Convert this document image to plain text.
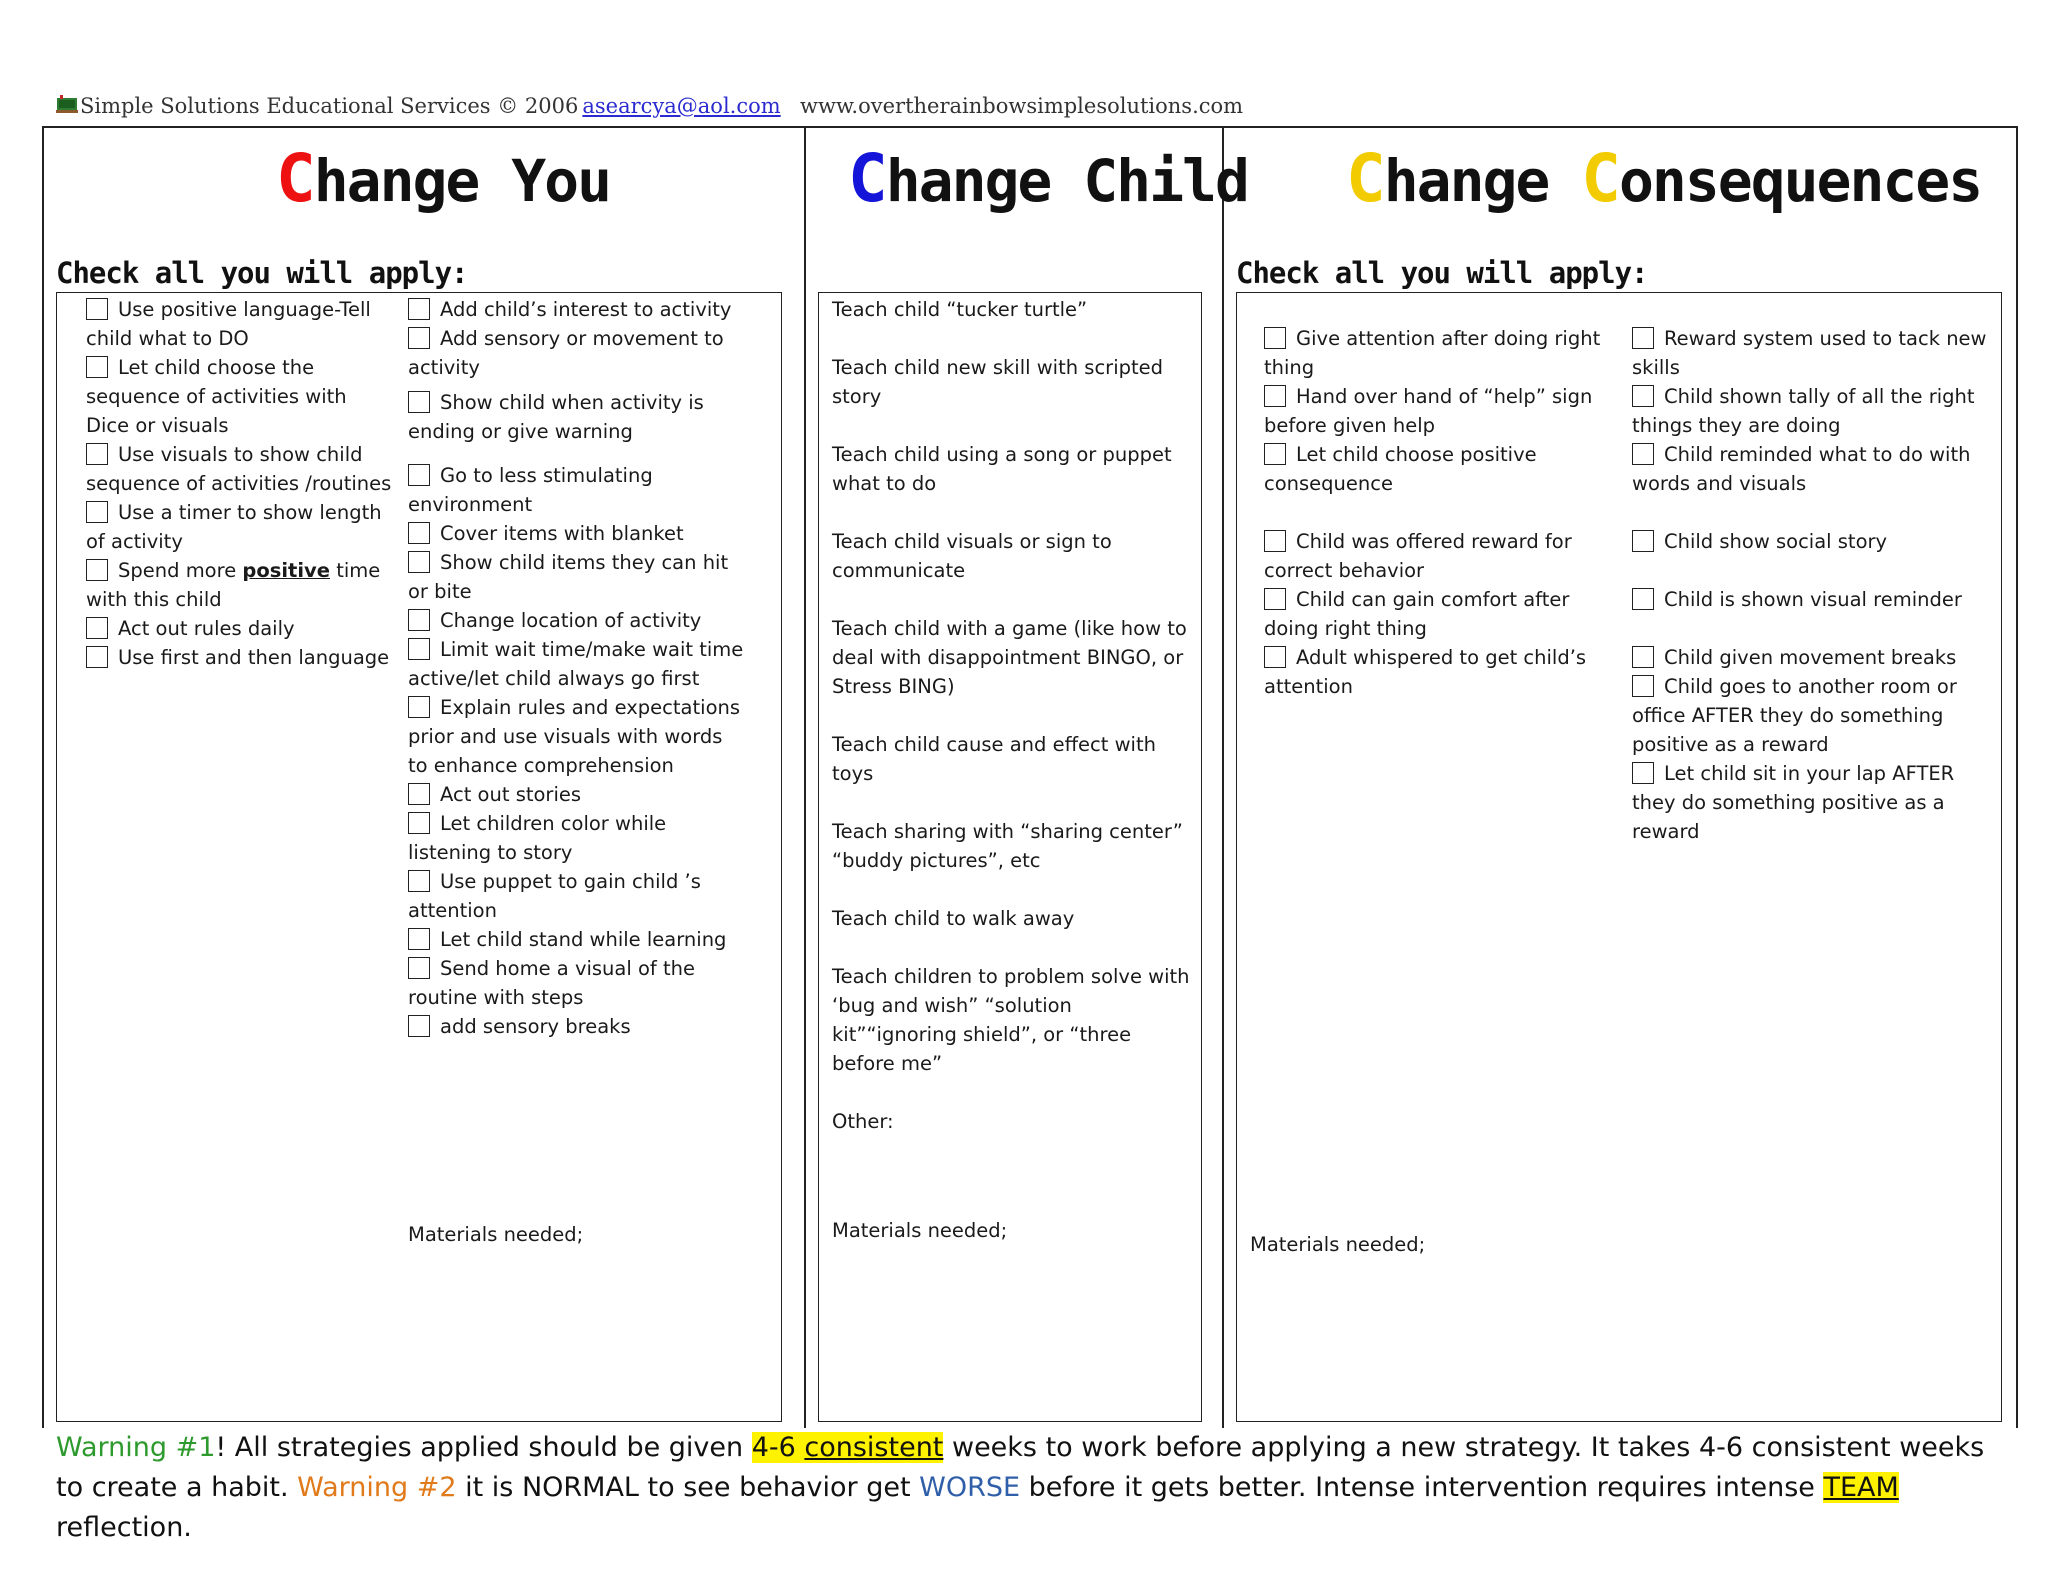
Simple Solutions Educational Services © 2006 asearcya@aol.com www.overtherainbowsimplesolutions.com
Change You	Change Child Change Consequences
Check all you will apply:	Check all you will apply:
Use positive language-Tell child what to DO
Let child choose the sequence of activities with Dice or visuals
Use visuals to show child sequence of activities /routines
Use a timer to show length of activity
Spend more positive time with this child
Act out rules daily
Use first and then language
Add child’s interest to activity
Add sensory or movement to activity
Show child when activity is ending or give warning
Go to less stimulating environment
Cover items with blanket
Show child items they can hit or bite
Change location of activity
Limit wait time/make wait time active/let child always go first
Explain rules and expectations prior and use visuals with words to enhance comprehension
Act out stories
Let children color while listening to story
Use puppet to gain child ’s attention
Let child stand while learning
Send home a visual of the routine with steps
add sensory breaks
Teach child “tucker turtle”
Teach child new skill with scripted story
Teach child using a song or puppet what to do
Teach child visuals or sign to communicate
Teach child with a game (like how to deal with disappointment BINGO, or Stress BING)
Teach child cause and effect with toys
Teach sharing with “sharing center” “buddy pictures”, etc
Teach child to walk away
Teach children to problem solve with ‘bug and wish” “solution kit”“ignoring shield”, or “three before me”
Other:
Give attention after doing right thing
Hand over hand of “help” sign before given help
Let child choose positive consequence
Child was offered reward for correct behavior
Child can gain comfort after doing right thing
Adult whispered to get child’s attention
Reward system used to tack new skills
Child shown tally of all the right things they are doing
Child reminded what to do with words and visuals
Child show social story
Child is shown visual reminder
Child given movement breaks
Child goes to another room or office AFTER they do something positive as a reward
Let child sit in your lap AFTER they do something positive as a reward
Materials needed;	Materials needed;
Materials needed;
Warning #1! All strategies applied should be given 4-6 consistent weeks to work before applying a new strategy. It takes 4-6 consistent weeks to create a habit. Warning #2 it is NORMAL to see behavior get WORSE before it gets better. Intense intervention requires intense TEAM reflection.
